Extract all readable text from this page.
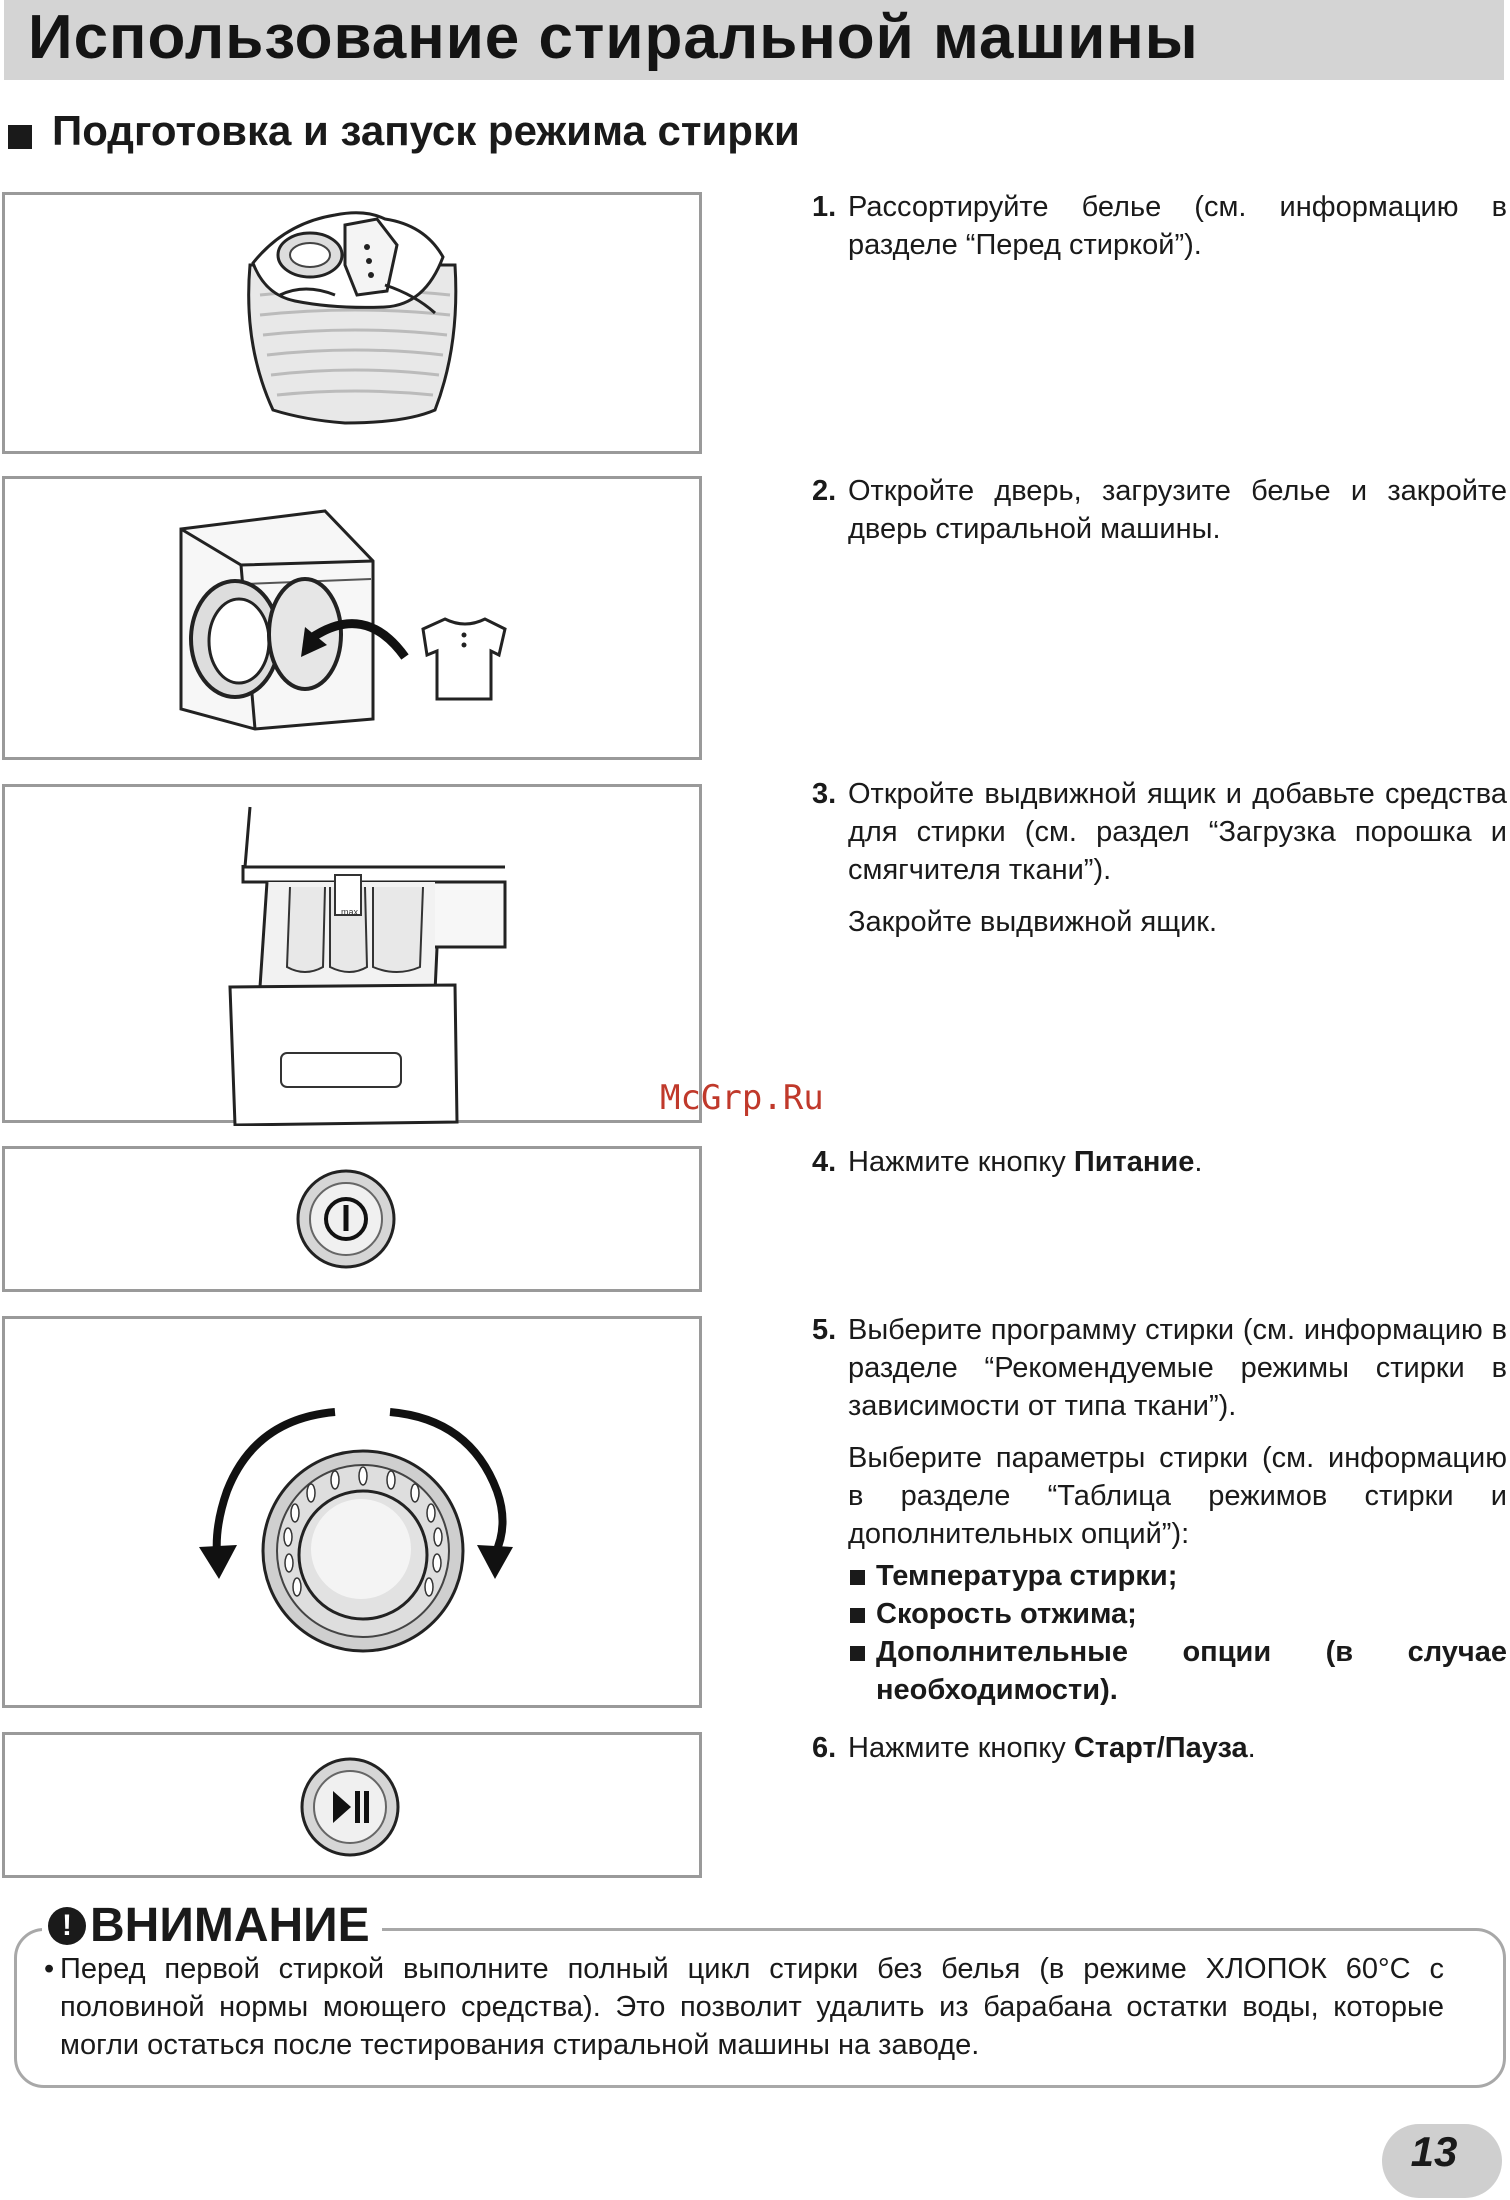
Использование стиральной машины
Подготовка и запуск режима стирки
max
1. Рассортируйте белье (см. информацию в разделе “Перед стиркой”).

2. Откройте дверь, загрузите белье и закройте дверь стиральной машины.

3. Откройте выдвижной ящик и добавьте средства для стирки (см. раздел “Загрузка порошка и смягчителя ткани”).

Закройте выдвижной ящик.

McGrp.Ru
4. Нажмите кнопку Питание.

5. Выберите программу стирки (см. информацию в разделе “Рекомендуемые режимы стирки в зависимости от типа ткани”).

Выберите параметры стирки (см. информацию в разделе “Таблица режимов стирки и дополнительных опций”):

Температура стирки;
Скорость отжима;
Дополнительные опции (в случае необходимости).
6. Нажмите кнопку Старт/Пауза.

! ВНИМАНИЕ
• Перед первой стиркой выполните полный цикл стирки без белья (в режиме ХЛОПОК 60°С с половиной нормы моющего средства). Это позволит удалить из барабана остатки воды, которые могли остаться после тестирования стиральной машины на заводе.
13
